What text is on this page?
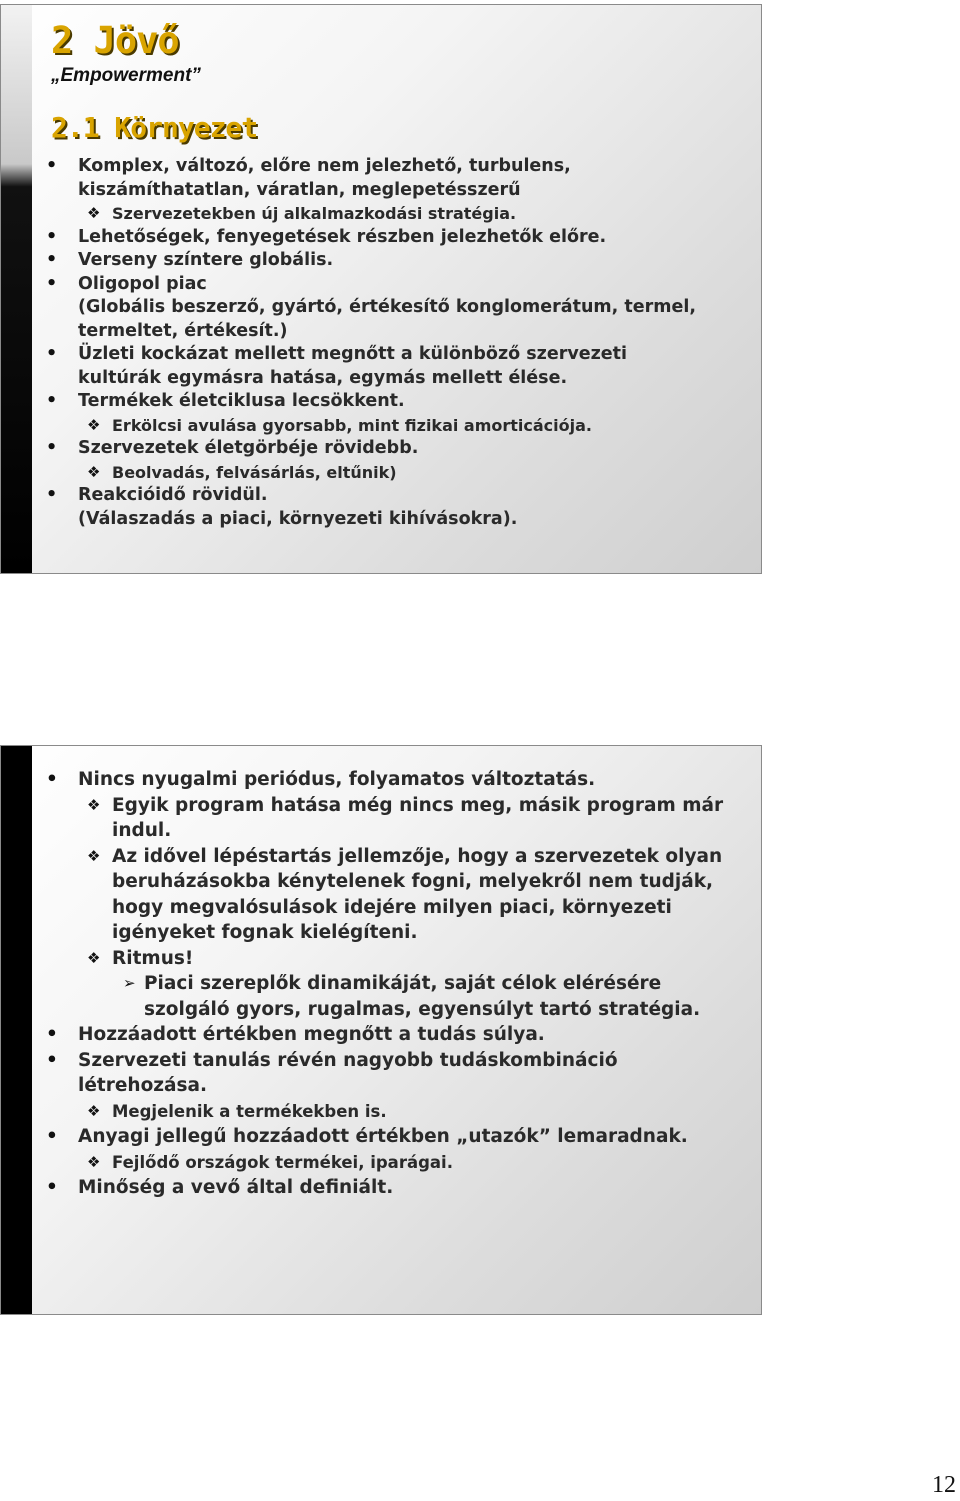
2 Jövő
„Empowerment”
2.1 Környezet
• Komplex, változó, előre nem jelezhető, turbulens,
kiszámíthatatlan, váratlan, meglepetésszerű
❖ Szervezetekben új alkalmazkodási stratégia.
• Lehetőségek, fenyegetések részben jelezhetők előre.
• Verseny színtere globális.
• Oligopol piac
(Globális beszerző, gyártó, értékesítő konglomerátum, termel,
termeltet, értékesít.)
• Üzleti kockázat mellett megnőtt a különböző szervezeti
kultúrák egymásra hatása, egymás mellett élése.
• Termékek életciklusa lecsökkent.
❖ Erkölcsi avulása gyorsabb, mint fizikai amorticációja.
• Szervezetek életgörbéje rövidebb.
❖ Beolvadás, felvásárlás, eltűnik)
• Reakcióidő rövidül.
(Válaszadás a piaci, környezeti kihívásokra).
• Nincs nyugalmi periódus, folyamatos változtatás.
❖ Egyik program hatása még nincs meg, másik program már
indul.
❖ Az idővel lépéstartás jellemzője, hogy a szervezetek olyan
beruházásokba kénytelenek fogni, melyekről nem tudják,
hogy megvalósulások idejére milyen piaci, környezeti
igényeket fognak kielégíteni.
❖ Ritmus!
➢ Piaci szereplők dinamikáját, saját célok elérésére
szolgáló gyors, rugalmas, egyensúlyt tartó stratégia.
• Hozzáadott értékben megnőtt a tudás súlya.
• Szervezeti tanulás révén nagyobb tudáskombináció
létrehozása.
❖ Megjelenik a termékekben is.
• Anyagi jellegű hozzáadott értékben „utazók” lemaradnak.
❖ Fejlődő országok termékei, iparágai.
• Minőség a vevő által definiált.
12
